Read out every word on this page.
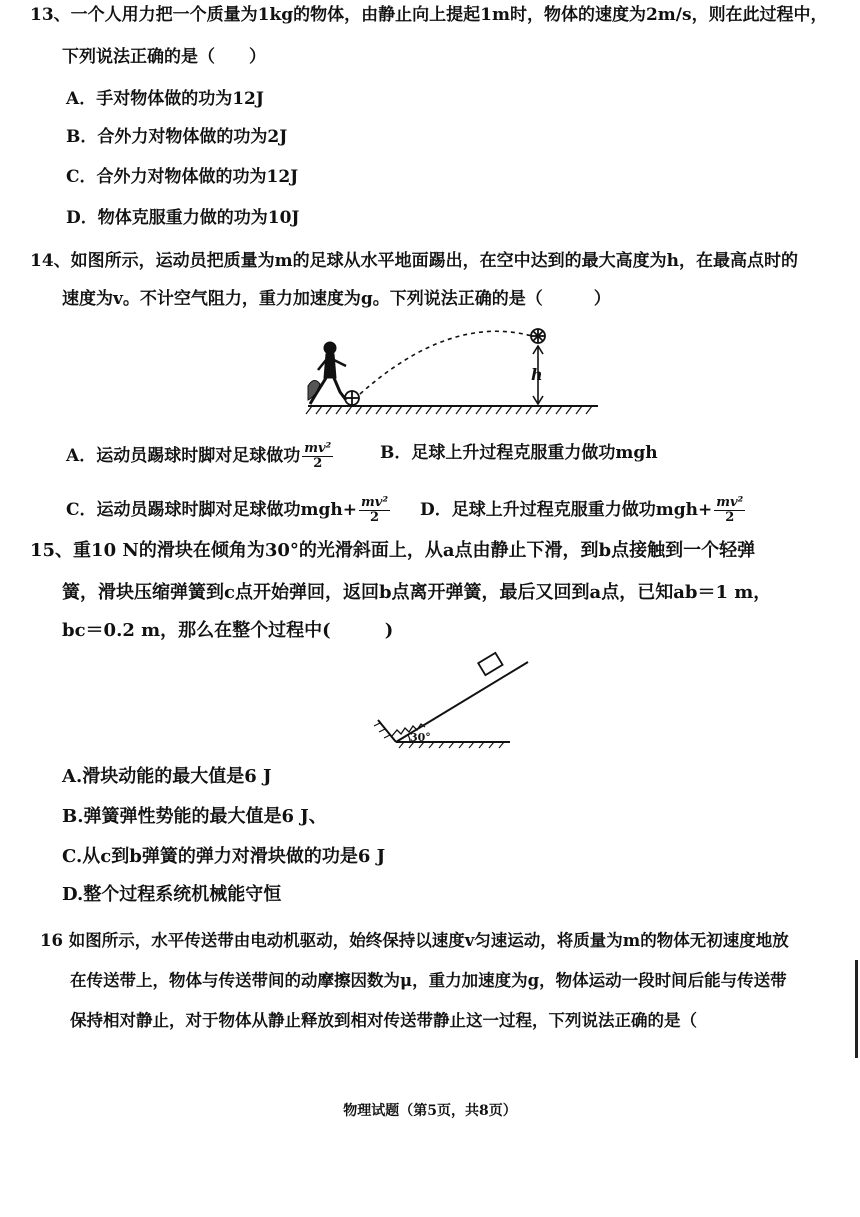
13、一个人用力把一个质量为1kg的物体，由静止向上提起1m时，物体的速度为2m/s，则在此过程中，
下列说法正确的是（　　）
A．手对物体做的功为12J
B．合外力对物体做的功为2J
C．合外力对物体做的功为12J
D．物体克服重力做的功为10J
14、如图所示，运动员把质量为m的足球从水平地面踢出，在空中达到的最大高度为h，在最高点时的
速度为v。不计空气阻力，重力加速度为g。下列说法正确的是（　　　）
h
A．运动员踢球时脚对足球做功 $\frac{\text{mv²}}{2}$	B．足球上升过程克服重力做功mgh
C．运动员踢球时脚对足球做功$mgh+ \frac{\text{mv²}}{2}$ D．足球上升过程克服重力做功$mgh+ \frac{\text{mv²}}{2}$
15、重10 N的滑块在倾角为30°的光滑斜面上，从a点由静止下滑，到b点接触到一个轻弹
簧，滑块压缩弹簧到c点开始弹回，返回b点离开弹簧，最后又回到a点，已知ab＝1 m，
bc＝0.2 m，那么在整个过程中(　　　)
30°
A.滑块动能的最大值是6 J
B.弹簧弹性势能的最大值是6 J、
C.从c到b弹簧的弹力对滑块做的功是6 J
D.整个过程系统机械能守恒
16 如图所示，水平传送带由电动机驱动，始终保持以速度v匀速运动，将质量为m的物体无初速度地放
在传送带上，物体与传送带间的动摩擦因数为μ，重力加速度为g，物体运动一段时间后能与传送带
保持相对静止，对于物体从静止释放到相对传送带静止这一过程，下列说法正确的是（
物理试题（第5页，共8页）
